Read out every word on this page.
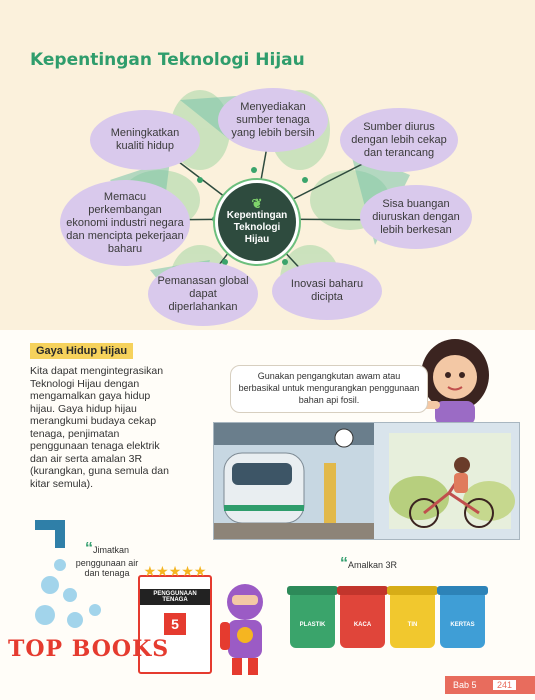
Kepentingan Teknologi Hijau
Meningkatkan kualiti hidup
Menyediakan sumber tenaga yang lebih bersih	Sumber diurus dengan lebih cekap dan terancang
Memacu perkembangan ekonomi industri negara dan mencipta pekerjaan baharu
Sisa buangan diuruskan dengan lebih berkesan
Pemanasan global dapat diperlahankan
Inovasi baharu dicipta
❦
Kepentingan
Teknologi
Hijau
Gaya Hidup Hijau
Kita dapat mengintegrasikan Teknologi Hijau dengan mengamalkan gaya hidup hijau. Gaya hidup hijau merangkumi budaya cekap tenaga, penjimatan penggunaan tenaga elektrik dan air serta amalan 3R (kurangkan, guna semula dan kitar semula).
Gunakan pengangkutan awam atau berbasikal untuk mengurangkan penggunaan bahan api fosil.
“Jimatkan penggunaan air dan tenaga	★★★★★
PENGGUNAAN TENAGA
5
“Amalkan 3R
PLASTIK	KACA	TIN	KERTAS
TOP BOOKS
Bab 5	241
